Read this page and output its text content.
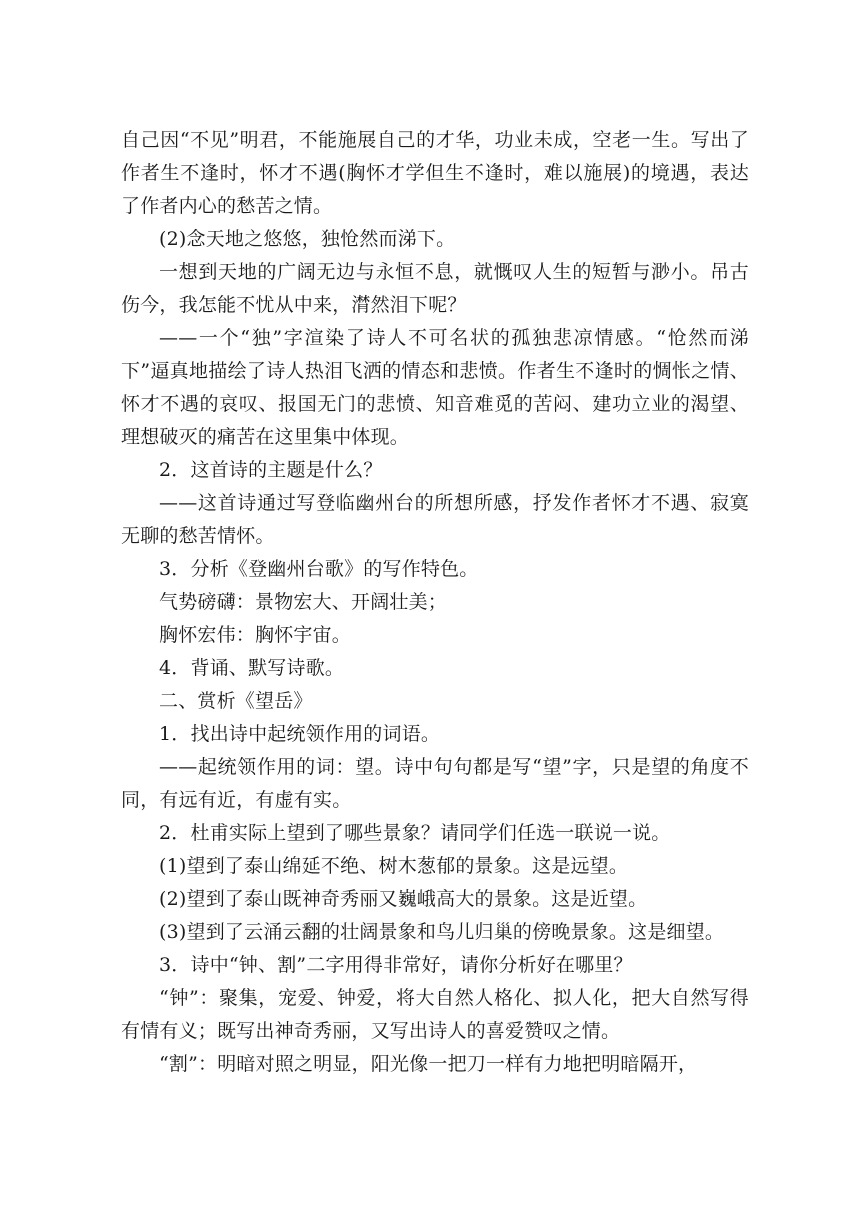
自己因“不见”明君，不能施展自己的才华，功业未成，空老一生。写出了作者生不逢时，怀才不遇(胸怀才学但生不逢时，难以施展)的境遇，表达了作者内心的愁苦之情。

(2)念天地之悠悠，独怆然而涕下。

一想到天地的广阔无边与永恒不息，就慨叹人生的短暂与渺小。吊古伤今，我怎能不忧从中来，潸然泪下呢？

——一个“独”字渲染了诗人不可名状的孤独悲凉情感。“怆然而涕下”逼真地描绘了诗人热泪飞洒的情态和悲愤。作者生不逢时的惆怅之情、怀才不遇的哀叹、报国无门的悲愤、知音难觅的苦闷、建功立业的渴望、理想破灭的痛苦在这里集中体现。

2．这首诗的主题是什么？

——这首诗通过写登临幽州台的所想所感，抒发作者怀才不遇、寂寞无聊的愁苦情怀。

3．分析《登幽州台歌》的写作特色。

气势磅礴：景物宏大、开阔壮美；

胸怀宏伟：胸怀宇宙。

4．背诵、默写诗歌。

二、赏析《望岳》

1．找出诗中起统领作用的词语。

——起统领作用的词：望。诗中句句都是写“望”字，只是望的角度不同，有远有近，有虚有实。

2．杜甫实际上望到了哪些景象？请同学们任选一联说一说。

(1)望到了泰山绵延不绝、树木葱郁的景象。这是远望。

(2)望到了泰山既神奇秀丽又巍峨高大的景象。这是近望。

(3)望到了云涌云翻的壮阔景象和鸟儿归巢的傍晚景象。这是细望。

3．诗中“钟、割”二字用得非常好，请你分析好在哪里？

“钟”：聚集，宠爱、钟爱，将大自然人格化、拟人化，把大自然写得有情有义；既写出神奇秀丽，又写出诗人的喜爱赞叹之情。

“割”：明暗对照之明显，阳光像一把刀一样有力地把明暗隔开，
